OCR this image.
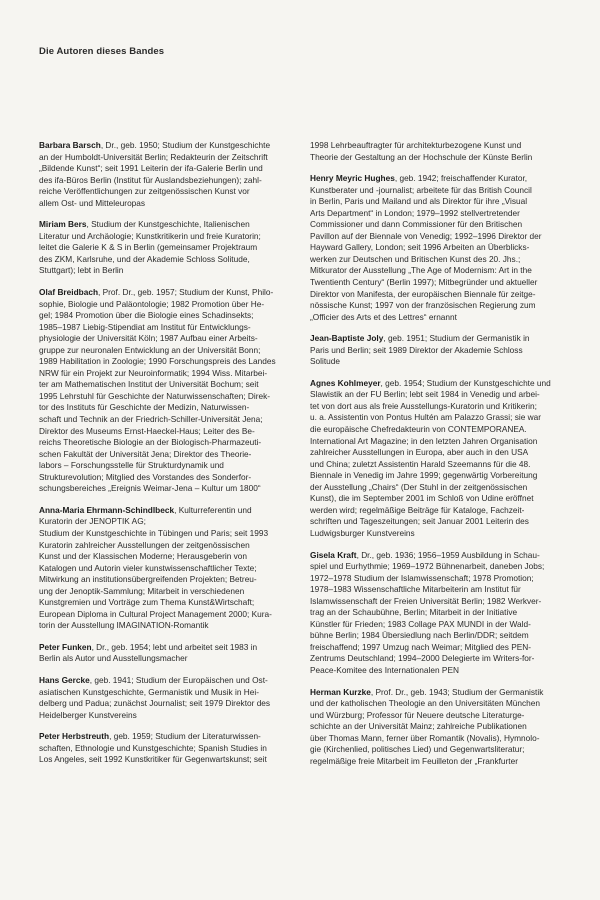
Die Autoren dieses Bandes

Barbara Barsch, Dr., geb. 1950; Studium der Kunstgeschichte
an der Humboldt-Universität Berlin; Redakteurin der Zeitschrift
„Bildende Kunst“; seit 1991 Leiterin der ifa-Galerie Berlin und
des ifa-Büros Berlin (Institut für Auslandsbeziehungen); zahl-
reiche Veröffentlichungen zur zeitgenössischen Kunst vor
allem Ost- und Mitteleuropas

Miriam Bers, Studium der Kunstgeschichte, Italienischen
Literatur und Archäologie; Kunstkritikerin und freie Kuratorin;
leitet die Galerie K & S in Berlin (gemeinsamer Projektraum
des ZKM, Karlsruhe, und der Akademie Schloss Solitude,
Stuttgart); lebt in Berlin

Olaf Breidbach, Prof. Dr., geb. 1957; Studium der Kunst, Philo-
sophie, Biologie und Paläontologie; 1982 Promotion über He-
gel; 1984 Promotion über die Biologie eines Schadinsekts;
1985–1987 Liebig-Stipendiat am Institut für Entwicklungs-
physiologie der Universität Köln; 1987 Aufbau einer Arbeits-
gruppe zur neuronalen Entwicklung an der Universität Bonn;
1989 Habilitation in Zoologie; 1990 Forschungspreis des Landes
NRW für ein Projekt zur Neuroinformatik; 1994 Wiss. Mitarbei-
ter am Mathematischen Institut der Universität Bochum; seit
1995 Lehrstuhl für Geschichte der Naturwissenschaften; Direk-
tor des Instituts für Geschichte der Medizin, Naturwissen-
schaft und Technik an der Friedrich-Schiller-Universität Jena;
Direktor des Museums Ernst-Haeckel-Haus; Leiter des Be-
reichs Theoretische Biologie an der Biologisch-Pharmazeuti-
schen Fakultät der Universität Jena; Direktor des Theorie-
labors – Forschungsstelle für Strukturdynamik und
Strukturevolution; Mitglied des Vorstandes des Sonderfor-
schungsbereiches „Ereignis Weimar-Jena – Kultur um 1800“

Anna-Maria Ehrmann-Schindlbeck, Kulturreferentin und
Kuratorin der JENOPTIK AG;
Studium der Kunstgeschichte in Tübingen und Paris; seit 1993
Kuratorin zahlreicher Ausstellungen der zeitgenössischen
Kunst und der Klassischen Moderne; Herausgeberin von
Katalogen und Autorin vieler kunstwissenschaftlicher Texte;
Mitwirkung an institutionsübergreifenden Projekten; Betreu-
ung der Jenoptik-Sammlung; Mitarbeit in verschiedenen
Kunstgremien und Vorträge zum Thema Kunst&Wirtschaft;
European Diploma in Cultural Project Management 2000; Kura-
torin der Ausstellung IMAGINATION-Romantik

Peter Funken, Dr., geb. 1954; lebt und arbeitet seit 1983 in
Berlin als Autor und Ausstellungsmacher

Hans Gercke, geb. 1941; Studium der Europäischen und Ost-
asiatischen Kunstgeschichte, Germanistik und Musik in Hei-
delberg und Padua; zunächst Journalist; seit 1979 Direktor des
Heidelberger Kunstvereins

Peter Herbstreuth, geb. 1959; Studium der Literaturwissen-
schaften, Ethnologie und Kunstgeschichte; Spanish Studies in
Los Angeles, seit 1992 Kunstkritiker für Gegenwartskunst; seit

1998 Lehrbeauftragter für architekturbezogene Kunst und
Theorie der Gestaltung an der Hochschule der Künste Berlin

Henry Meyric Hughes, geb. 1942; freischaffender Kurator,
Kunstberater und -journalist; arbeitete für das British Council
in Berlin, Paris und Mailand und als Direktor für ihre „Visual
Arts Department“ in London; 1979–1992 stellvertretender
Commissioner und dann Commissioner für den Britischen
Pavillon auf der Biennale von Venedig; 1992–1996 Direktor der
Hayward Gallery, London; seit 1996 Arbeiten an Überblicks-
werken zur Deutschen und Britischen Kunst des 20. Jhs.;
Mitkurator der Ausstellung „The Age of Modernism: Art in the
Twentienth Century“ (Berlin 1997); Mitbegründer und aktueller
Direktor von Manifesta, der europäischen Biennale für zeitge-
nössische Kunst; 1997 von der französischen Regierung zum
„Officier des Arts et des Lettres“ ernannt

Jean-Baptiste Joly, geb. 1951; Studium der Germanistik in
Paris und Berlin; seit 1989 Direktor der Akademie Schloss
Solitude

Agnes Kohlmeyer, geb. 1954; Studium der Kunstgeschichte und
Slawistik an der FU Berlin; lebt seit 1984 in Venedig und arbei-
tet von dort aus als freie Ausstellungs-Kuratorin und Kritikerin;
u. a. Assistentin von Pontus Hultén am Palazzo Grassi; sie war
die europäische Chefredakteurin von CONTEMPORANEA.
International Art Magazine; in den letzten Jahren Organisation
zahlreicher Ausstellungen in Europa, aber auch in den USA
und China; zuletzt Assistentin Harald Szeemanns für die 48.
Biennale in Venedig im Jahre 1999; gegenwärtig Vorbereitung
der Ausstellung „Chairs“ (Der Stuhl in der zeitgenössischen
Kunst), die im September 2001 im Schloß von Udine eröffnet
werden wird; regelmäßige Beiträge für Kataloge, Fachzeit-
schriften und Tageszeitungen; seit Januar 2001 Leiterin des
Ludwigsburger Kunstvereins

Gisela Kraft, Dr., geb. 1936; 1956–1959 Ausbildung in Schau-
spiel und Eurhythmie; 1969–1972 Bühnenarbeit, daneben Jobs;
1972–1978 Studium der Islamwissenschaft; 1978 Promotion;
1978–1983 Wissenschaftliche Mitarbeiterin am Institut für
Islamwissenschaft der Freien Universität Berlin; 1982 Werkver-
trag an der Schaubühne, Berlin; Mitarbeit in der Initiative
Künstler für Frieden; 1983 Collage PAX MUNDI in der Wald-
bühne Berlin; 1984 Übersiedlung nach Berlin/DDR; seitdem
freischaffend; 1997 Umzug nach Weimar; Mitglied des PEN-
Zentrums Deutschland; 1994–2000 Delegierte im Writers-for-
Peace-Komitee des Internationalen PEN

Herman Kurzke, Prof. Dr., geb. 1943; Studium der Germanistik
und der katholischen Theologie an den Universitäten München
und Würzburg; Professor für Neuere deutsche Literaturge-
schichte an der Universität Mainz; zahlreiche Publikationen
über Thomas Mann, ferner über Romantik (Novalis), Hymnolo-
gie (Kirchenlied, politisches Lied) und Gegenwartsliteratur;
regelmäßige freie Mitarbeit im Feuilleton der „Frankfurter
